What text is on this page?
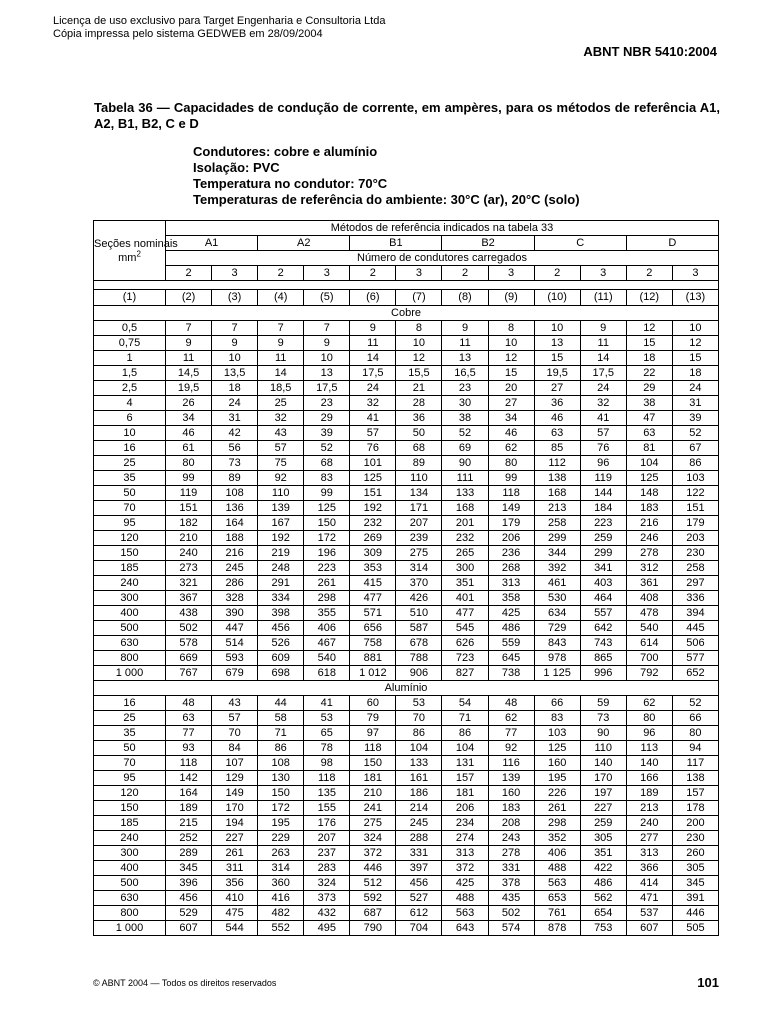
Licença de uso exclusivo para Target Engenharia e Consultoria Ltda
Cópia impressa pelo sistema GEDWEB em 28/09/2004
ABNT NBR 5410:2004
Tabela 36 — Capacidades de condução de corrente, em ampères, para os métodos de referência A1, A2, B1, B2, C e D
Condutores: cobre e alumínio
Isolação: PVC
Temperatura no condutor: 70°C
Temperaturas de referência do ambiente: 30°C (ar), 20°C (solo)
Seções nominais
$mm^2$	Métodos de referência indicados na tabela 33											
	A1		A2		B1		B2		C		D	
	Número de condutores carregados											
	2	3	2	3	2	3	2	3	2	3	2	3

(1)	(2)	(3)	(4)	(5)	(6)	(7)	(8)	(9)	(10)	(11)	(12)	(13)
Cobre												
0,5	7	7	7	7	9	8	9	8	10	9	12	10
0,75	9	9	9	9	11	10	11	10	13	11	15	12
1	11	10	11	10	14	12	13	12	15	14	18	15
1,5	14,5	13,5	14	13	17,5	15,5	16,5	15	19,5	17,5	22	18
2,5	19,5	18	18,5	17,5	24	21	23	20	27	24	29	24
4	26	24	25	23	32	28	30	27	36	32	38	31
6	34	31	32	29	41	36	38	34	46	41	47	39
10	46	42	43	39	57	50	52	46	63	57	63	52
16	61	56	57	52	76	68	69	62	85	76	81	67
25	80	73	75	68	101	89	90	80	112	96	104	86
35	99	89	92	83	125	110	111	99	138	119	125	103
50	119	108	110	99	151	134	133	118	168	144	148	122
70	151	136	139	125	192	171	168	149	213	184	183	151
95	182	164	167	150	232	207	201	179	258	223	216	179
120	210	188	192	172	269	239	232	206	299	259	246	203
150	240	216	219	196	309	275	265	236	344	299	278	230
185	273	245	248	223	353	314	300	268	392	341	312	258
240	321	286	291	261	415	370	351	313	461	403	361	297
300	367	328	334	298	477	426	401	358	530	464	408	336
400	438	390	398	355	571	510	477	425	634	557	478	394
500	502	447	456	406	656	587	545	486	729	642	540	445
630	578	514	526	467	758	678	626	559	843	743	614	506
800	669	593	609	540	881	788	723	645	978	865	700	577
1 000	767	679	698	618	1 012	906	827	738	1 125	996	792	652
Alumínio												
16	48	43	44	41	60	53	54	48	66	59	62	52
25	63	57	58	53	79	70	71	62	83	73	80	66
35	77	70	71	65	97	86	86	77	103	90	96	80
50	93	84	86	78	118	104	104	92	125	110	113	94
70	118	107	108	98	150	133	131	116	160	140	140	117
95	142	129	130	118	181	161	157	139	195	170	166	138
120	164	149	150	135	210	186	181	160	226	197	189	157
150	189	170	172	155	241	214	206	183	261	227	213	178
185	215	194	195	176	275	245	234	208	298	259	240	200
240	252	227	229	207	324	288	274	243	352	305	277	230
300	289	261	263	237	372	331	313	278	406	351	313	260
400	345	311	314	283	446	397	372	331	488	422	366	305
500	396	356	360	324	512	456	425	378	563	486	414	345
630	456	410	416	373	592	527	488	435	653	562	471	391
800	529	475	482	432	687	612	563	502	761	654	537	446
1 000	607	544	552	495	790	704	643	574	878	753	607	505
© ABNT 2004 — Todos os direitos reservados	101
